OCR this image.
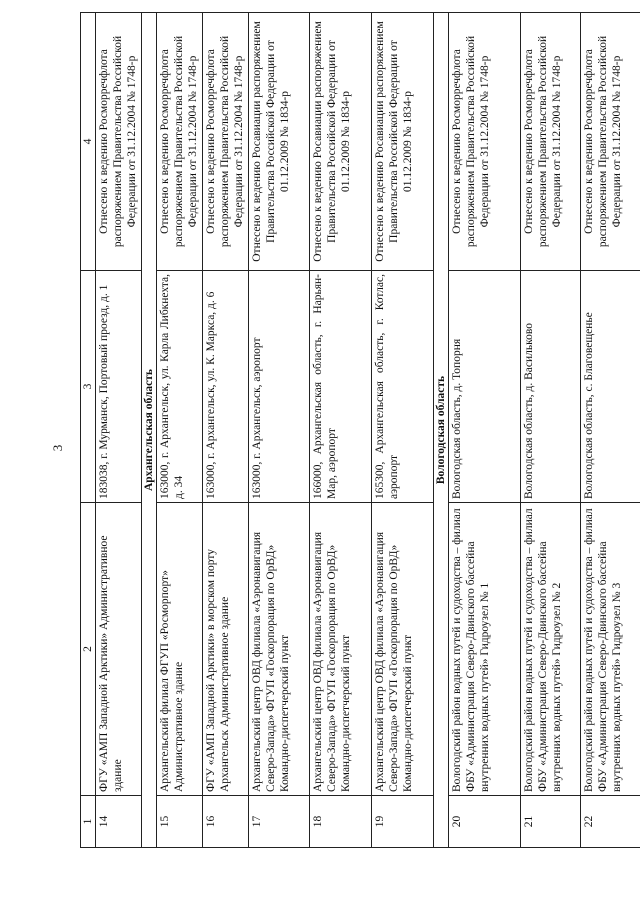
3
1	2	3	4
14	ФГУ «АМП Западной Арктики» Административное здание	183038, г. Мурманск, Портовый проезд, д. 1	Отнесено к ведению Росморречфлота распоряжением Правительства Российской Федерации от 31.12.2004 № 1748-р
Архангельская область			
15	Архангельский филиал ФГУП «Росморпорт» Административное здание	163000, г. Архангельск, ул. Карла Либкнехта, д. 34	Отнесено к ведению Росморречфлота распоряжением Правительства Российской Федерации от 31.12.2004 № 1748-р
16	ФГУ «АМП Западной Арктики» в морском порту Архангельск Административное здание	163000, г. Архангельск, ул. К. Маркса, д. 6	Отнесено к ведению Росморречфлота распоряжением Правительства Российской Федерации от 31.12.2004 № 1748-р
17	Архангельский центр ОВД филиала «Аэронавигация Северо-Запада» ФГУП «Госкорпорация по ОрВД» Командно-диспетчерский пункт	163000, г. Архангельск, аэропорт	Отнесено к ведению Росавиации распоряжением Правительства Российской Федерации от 01.12.2009 № 1834-р
18	Архангельский центр ОВД филиала «Аэронавигация Северо-Запада» ФГУП «Госкорпорация по ОрВД» Командно-диспетчерский пункт	166000, Архангельская область, г. Нарьян-Мар, аэропорт	Отнесено к ведению Росавиации распоряжением Правительства Российской Федерации от 01.12.2009 № 1834-р
19	Архангельский центр ОВД филиала «Аэронавигация Северо-Запада» ФГУП «Госкорпорация по ОрВД» Командно-диспетчерский пункт	165300, Архангельская область, г. Котлас, аэропорт	Отнесено к ведению Росавиации распоряжением Правительства Российской Федерации от 01.12.2009 № 1834-р
Вологодская область			
20	Вологодский район водных путей и судоходства – филиал ФБУ «Администрация Северо-Двинского бассейна внутренних водных путей» Гидроузел № 1	Вологодская область, д. Топорня	Отнесено к ведению Росморречфлота распоряжением Правительства Российской Федерации от 31.12.2004 № 1748-р
21	Вологодский район водных путей и судоходства – филиал ФБУ «Администрация Северо-Двинского бассейна внутренних водных путей» Гидроузел № 2	Вологодская область, д. Васильково	Отнесено к ведению Росморречфлота распоряжением Правительства Российской Федерации от 31.12.2004 № 1748-р
22	Вологодский район водных путей и судоходства – филиал ФБУ «Администрация Северо-Двинского бассейна внутренних водных путей» Гидроузел № 3	Вологодская область, с. Благовещенье	Отнесено к ведению Росморречфлота распоряжением Правительства Российской Федерации от 31.12.2004 № 1748-р
